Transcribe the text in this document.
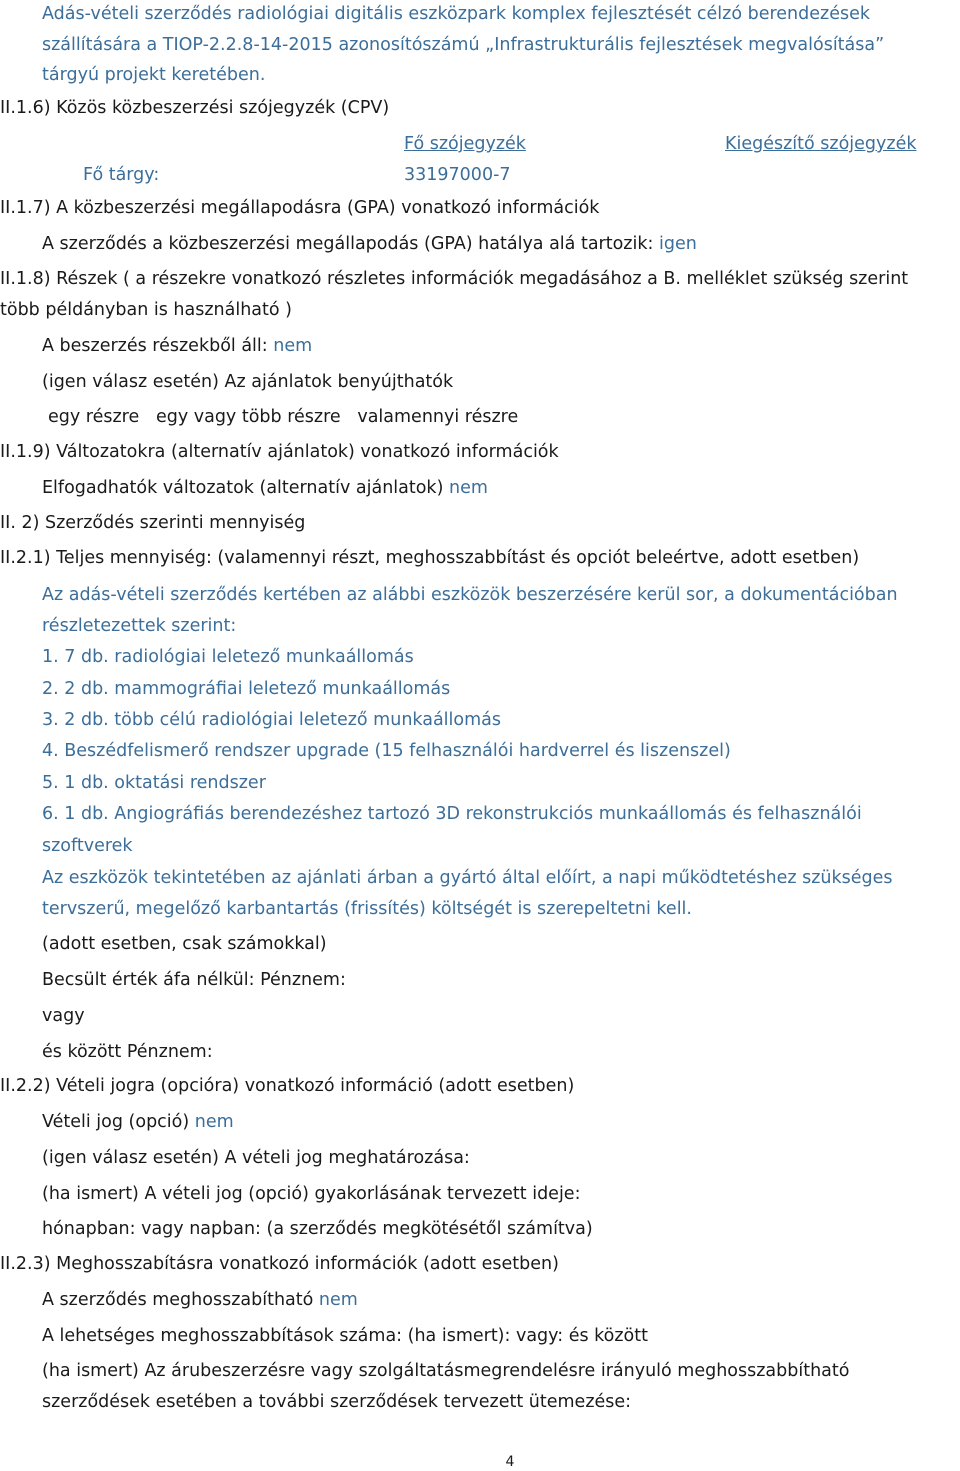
Adás-vételi szerződés radiológiai digitális eszközpark komplex fejlesztését célzó berendezések
szállítására a TIOP-2.2.8-14-2015 azonosítószámú „Infrastrukturális fejlesztések megvalósítása”
tárgyú projekt keretében.
II.1.6) Közös közbeszerzési szójegyzék (CPV)
Fő szójegyzék	Kiegészítő szójegyzék
Fő tárgy:	33197000-7
II.1.7) A közbeszerzési megállapodásra (GPA) vonatkozó információk
A szerződés a közbeszerzési megállapodás (GPA) hatálya alá tartozik: igen
II.1.8) Részek ( a részekre vonatkozó részletes információk megadásához a B. melléklet szükség szerint
több példányban is használható )
A beszerzés részekből áll: nem
(igen válasz esetén) Az ajánlatok benyújthatók
egy részre   egy vagy több részre   valamennyi részre
II.1.9) Változatokra (alternatív ajánlatok) vonatkozó információk
Elfogadhatók változatok (alternatív ajánlatok) nem
II. 2) Szerződés szerinti mennyiség
II.2.1) Teljes mennyiség: (valamennyi részt, meghosszabbítást és opciót beleértve, adott esetben)
Az adás-vételi szerződés kertében az alábbi eszközök beszerzésére kerül sor, a dokumentációban
részletezettek szerint:
1. 7 db. radiológiai leletező munkaállomás
2. 2 db. mammográfiai leletező munkaállomás
3. 2 db. több célú radiológiai leletező munkaállomás
4. Beszédfelismerő rendszer upgrade (15 felhasználói hardverrel és liszenszel)
5. 1 db. oktatási rendszer
6. 1 db. Angiográfiás berendezéshez tartozó 3D rekonstrukciós munkaállomás és felhasználói
szoftverek
Az eszközök tekintetében az ajánlati árban a gyártó által előírt, a napi működtetéshez szükséges
tervszerű, megelőző karbantartás (frissítés) költségét is szerepeltetni kell.
(adott esetben, csak számokkal)
Becsült érték áfa nélkül: Pénznem:
vagy
és között Pénznem:
II.2.2) Vételi jogra (opcióra) vonatkozó információ (adott esetben)
Vételi jog (opció) nem
(igen válasz esetén) A vételi jog meghatározása:
(ha ismert) A vételi jog (opció) gyakorlásának tervezett ideje:
hónapban: vagy napban: (a szerződés megkötésétől számítva)
II.2.3) Meghosszabításra vonatkozó információk (adott esetben)
A szerződés meghosszabítható nem
A lehetséges meghosszabbítások száma: (ha ismert): vagy: és között
(ha ismert) Az árubeszerzésre vagy szolgáltatásmegrendelésre irányuló meghosszabbítható
szerződések esetében a további szerződések tervezett ütemezése:
4
